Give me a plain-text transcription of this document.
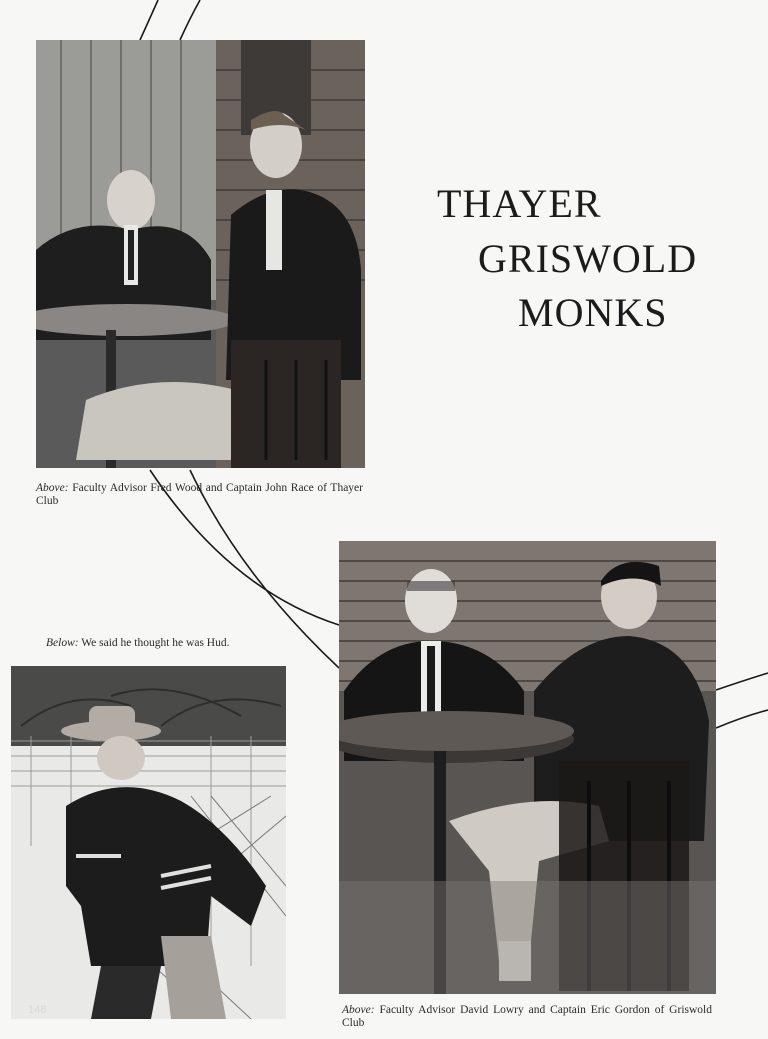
Above: Faculty Advisor Fred Wood and Captain John Race of Thayer Club
THAYER
GRISWOLD
MONKS
Below: We said he thought he was Hud.
148	Above: Faculty Advisor David Lowry and Captain Eric Gordon of Griswold Club
